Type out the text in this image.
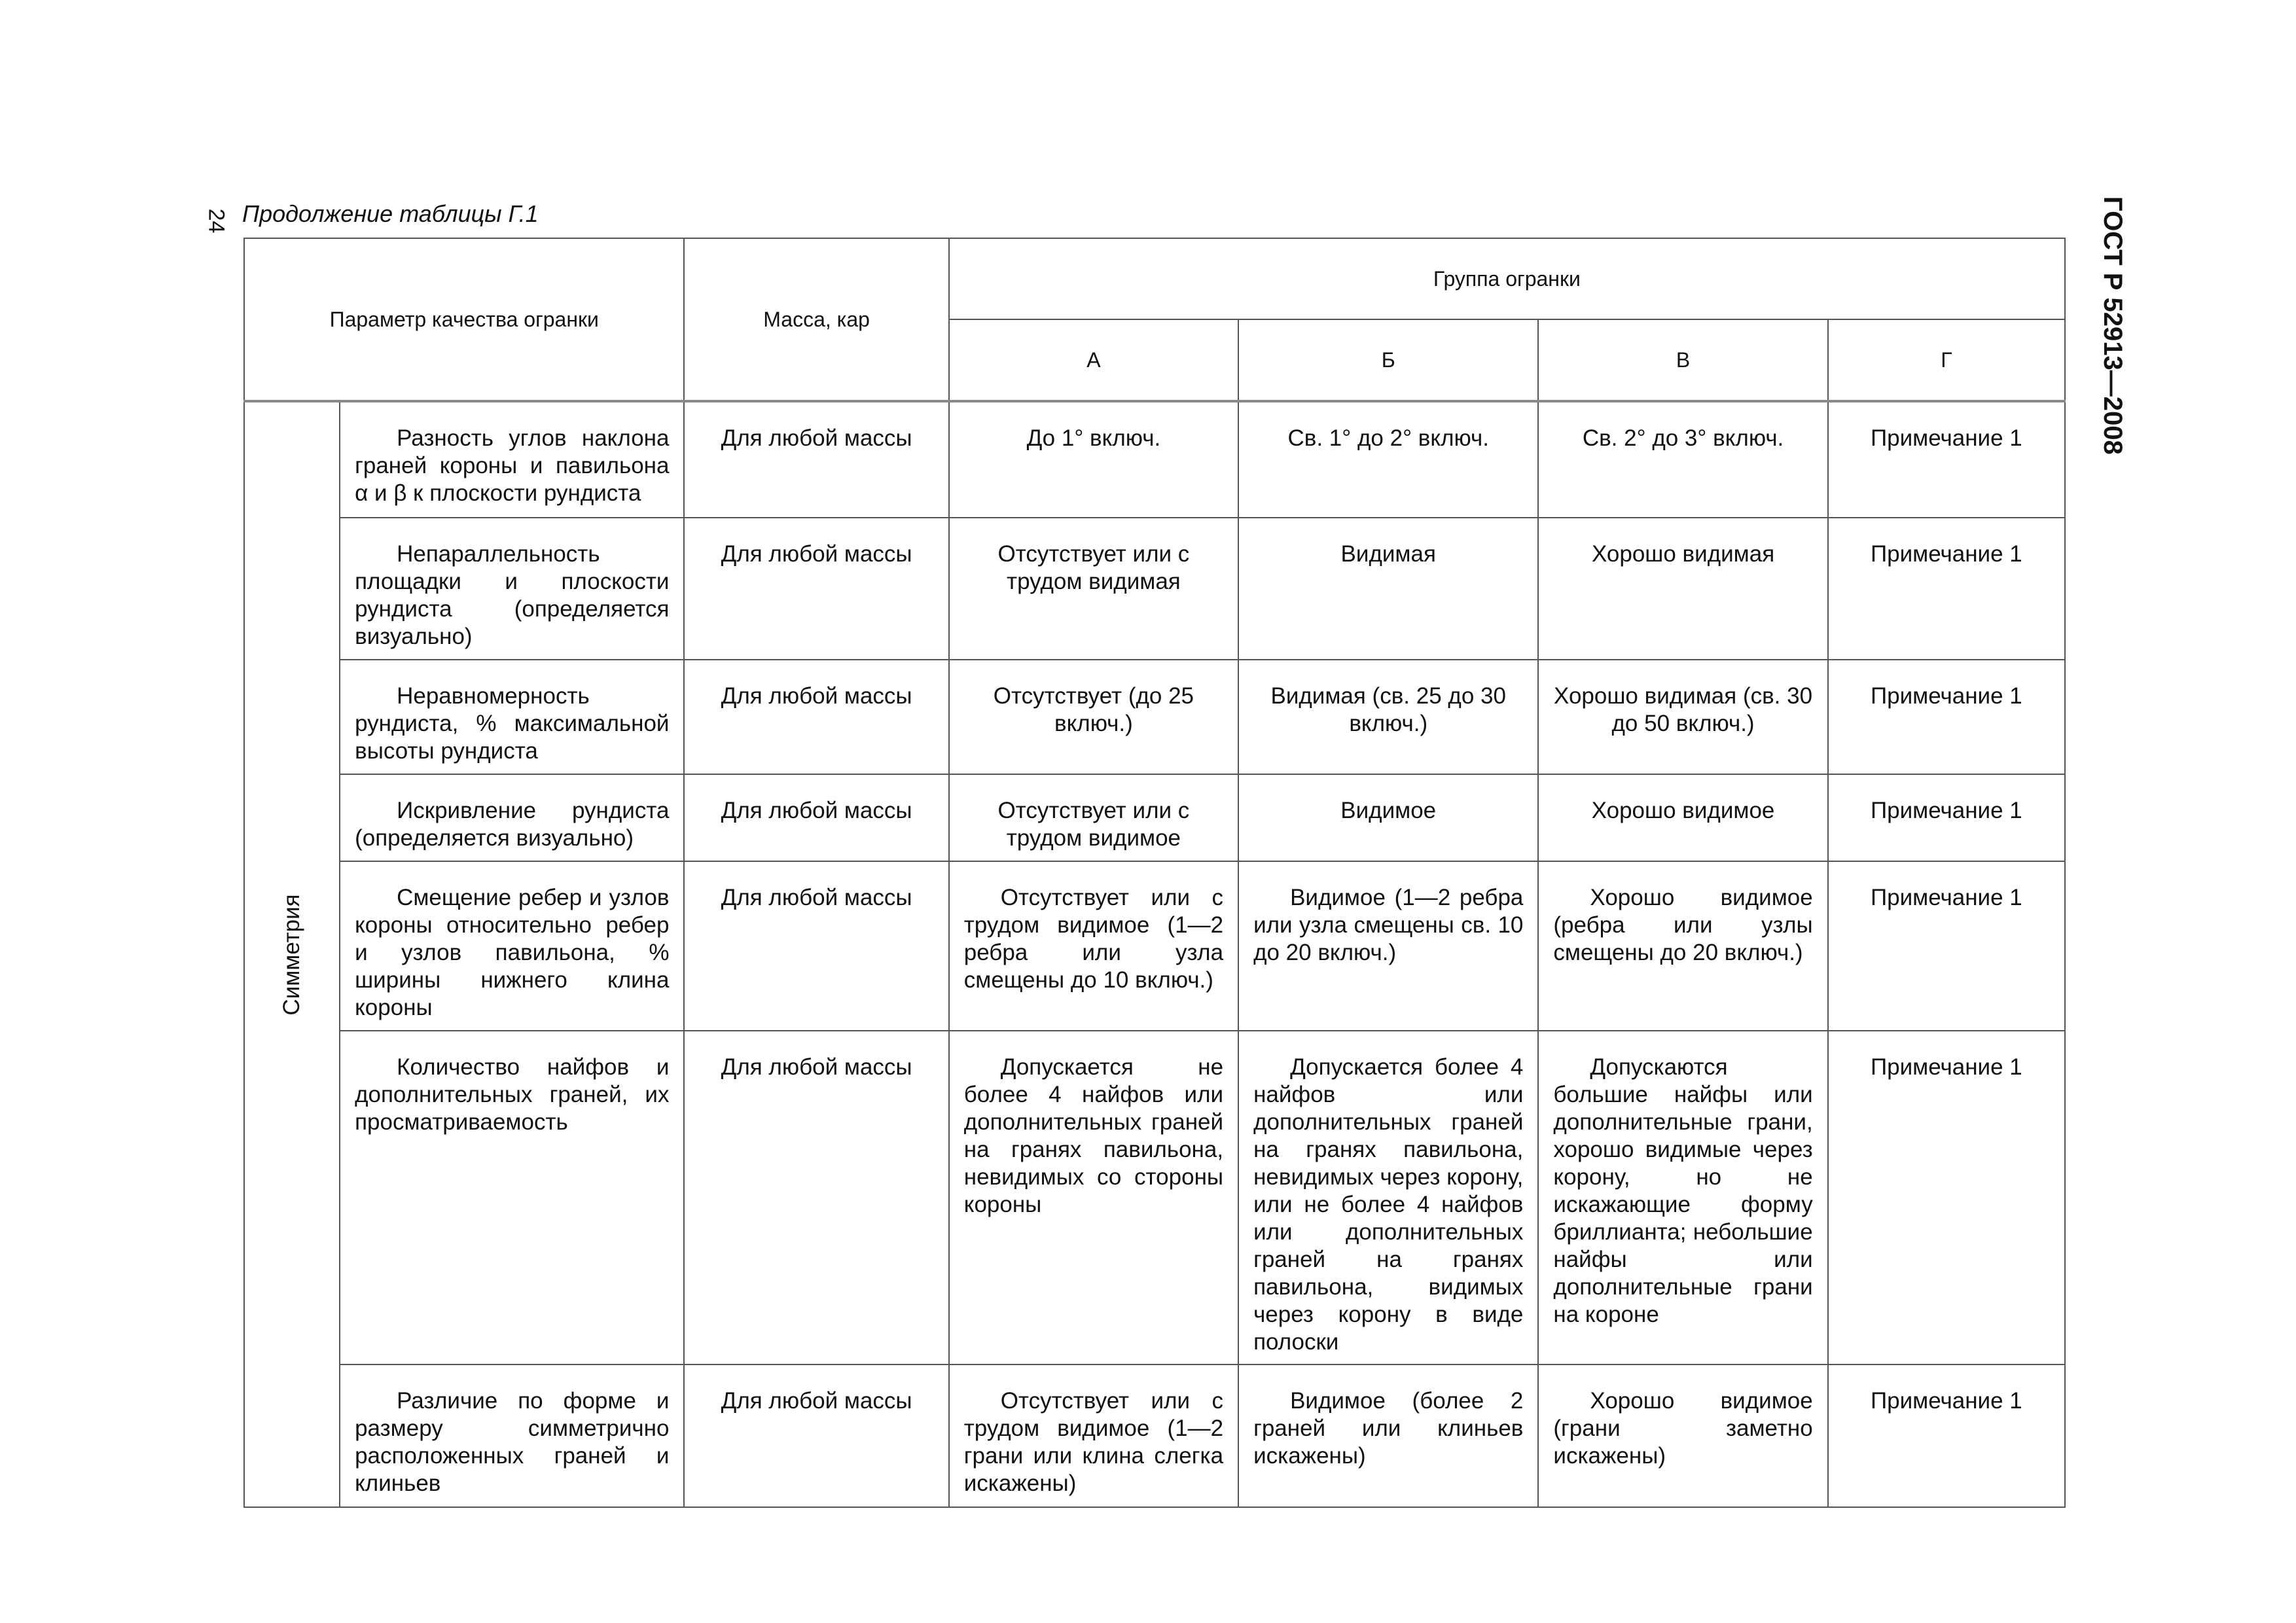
24 Продолжение таблицы Г.1	ГОСТ Р 52913—2008
Параметр качества огранки		Масса, кар	Группа огранки			
			А	Б	В	Г

Симметрия	Разность углов наклона граней короны и павильона α и β к плоскости рундиста	Для любой массы	До 1° включ.	Св. 1° до 2° включ.	Св. 2° до 3° включ.	Примечание 1

	Непараллельность площадки и плоскости рундиста (определяется визуально)	Для любой массы	Отсутствует или с трудом видимая	Видимая	Хорошо видимая	Примечание 1

	Неравномерность рундиста, % максимальной высоты рундиста	Для любой массы	Отсутствует (до 25 включ.)	Видимая (св. 25 до 30 включ.)	Хорошо видимая (св. 30 до 50 включ.)	Примечание 1

	Искривление рундиста (определяется визуально)	Для любой массы	Отсутствует или с трудом видимое	Видимое	Хорошо видимое	Примечание 1

	Смещение ребер и узлов короны относительно ребер и узлов павильона, % ширины нижнего клина короны	Для любой массы	Отсутствует или с трудом видимое (1—2 ребра или узла смещены до 10 включ.)	Видимое (1—2 ребра или узла смещены св. 10 до 20 включ.)	Хорошо видимое (ребра или узлы смещены до 20 включ.)	Примечание 1

	Количество найфов и дополнительных граней, их просматриваемость	Для любой массы	Допускается не более 4 найфов или дополнительных граней на гранях павильона, невидимых со стороны короны	Допускается более 4 найфов или дополнительных граней на гранях павильона, невидимых через корону, или не более 4 найфов или дополнительных граней на гранях павильона, видимых через корону в виде полоски	Допускаются большие найфы или дополнительные грани, хорошо видимые через корону, но не искажающие форму бриллианта; небольшие найфы или дополнительные грани на короне	Примечание 1

	Различие по форме и размеру симметрично расположенных граней и клиньев	Для любой массы	Отсутствует или с трудом видимое (1—2 грани или клина слегка искажены)	Видимое (более 2 граней или клиньев искажены)	Хорошо видимое (грани заметно искажены)	Примечание 1
